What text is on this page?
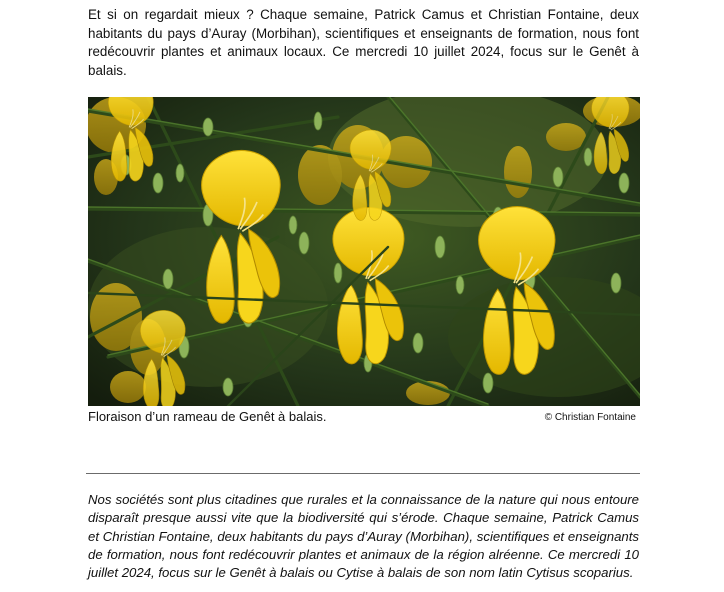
Et si on regardait mieux ? Chaque semaine, Patrick Camus et Christian Fontaine, deux habitants du pays d’Auray (Morbihan), scientifiques et enseignants de formation, nous font redécouvrir plantes et animaux locaux. Ce mercredi 10 juillet 2024, focus sur le Genêt à balais.

Floraison d’un rameau de Genêt à balais.	© Christian Fontaine

Nos sociétés sont plus citadines que rurales et la connaissance de la nature qui nous entoure disparaît presque aussi vite que la biodiversité qui s’érode. Chaque semaine, Patrick Camus et Christian Fontaine, deux habitants du pays d’Auray (Morbihan), scientifiques et enseignants de formation, nous font redécouvrir plantes et animaux de la région alréenne. Ce mercredi 10 juillet 2024, focus sur le Genêt à balais ou Cytise à balais de son nom latin Cytisus scoparius.
